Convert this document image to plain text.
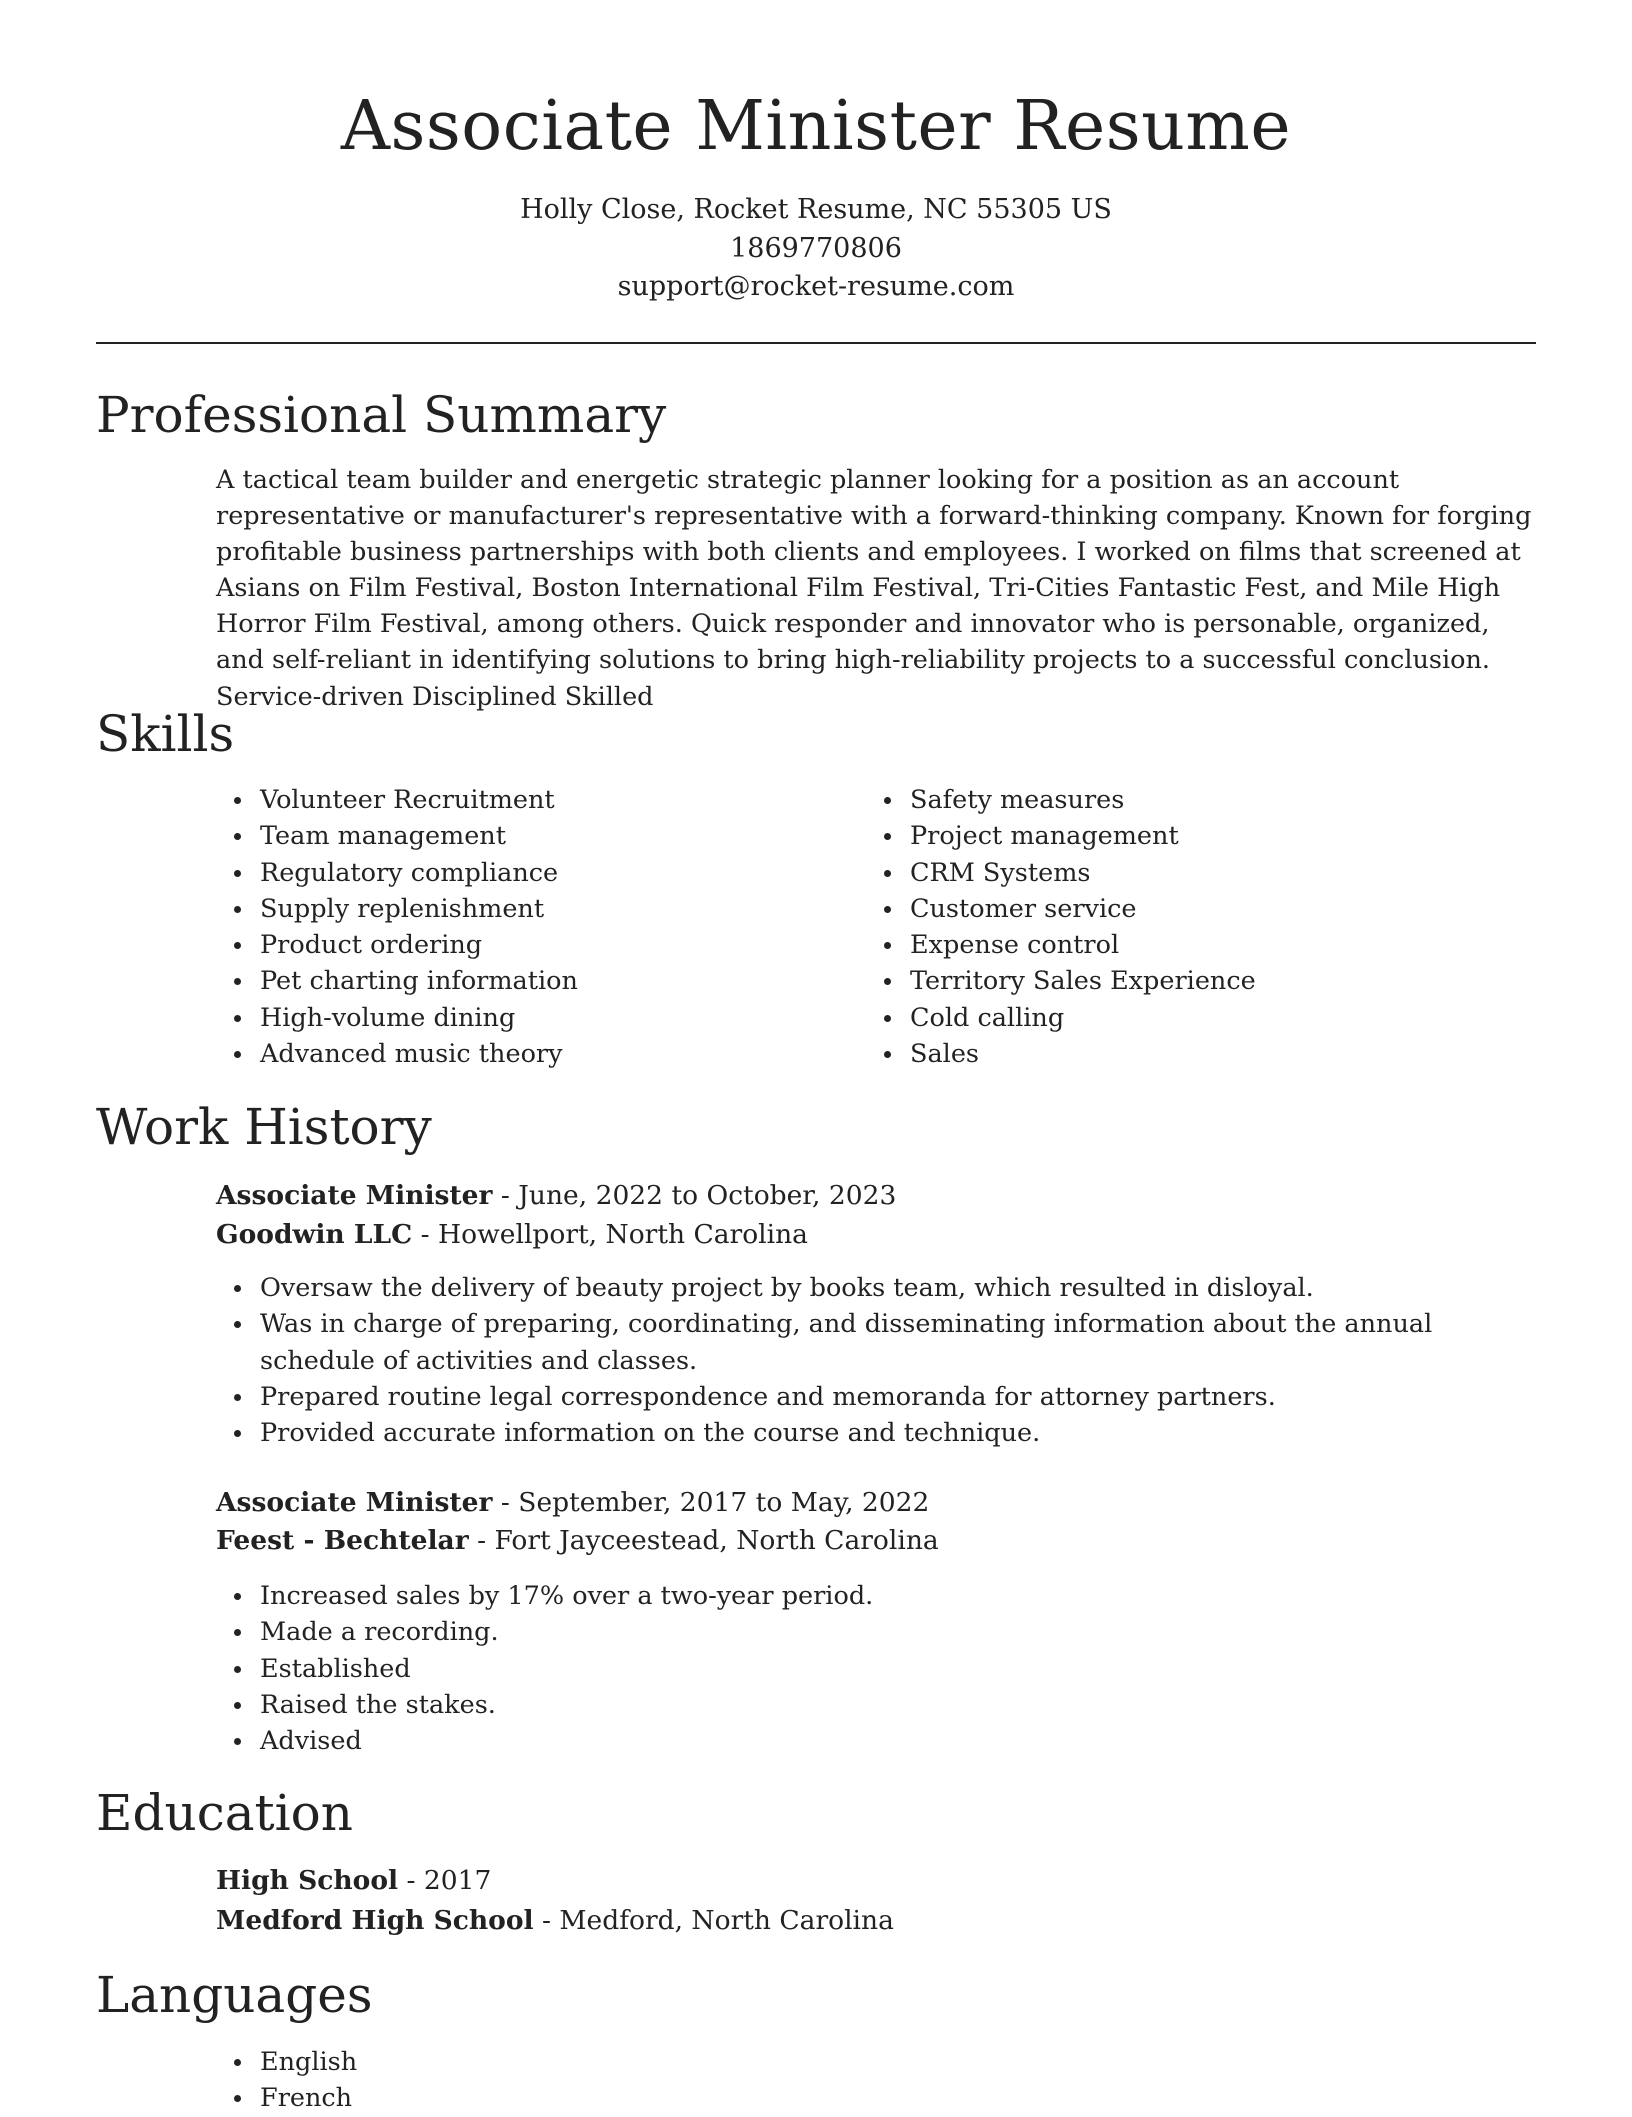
Associate Minister Resume
Holly Close, Rocket Resume, NC 55305 US
1869770806
support@rocket-resume.com
Professional Summary

A tactical team builder and energetic strategic planner looking for a position as an account representative or manufacturer's representative with a forward-thinking company. Known for forging profitable business partnerships with both clients and employees. I worked on films that screened at Asians on Film Festival, Boston International Film Festival, Tri-Cities Fantastic Fest, and Mile High Horror Film Festival, among others. Quick responder and innovator who is personable, organized, and self-reliant in identifying solutions to bring high-reliability projects to a successful conclusion. Service-driven Disciplined Skilled

Skills
Volunteer Recruitment
Team management
Regulatory compliance
Supply replenishment
Product ordering
Pet charting information
High-volume dining
Advanced music theory
Safety measures
Project management
CRM Systems
Customer service
Expense control
Territory Sales Experience
Cold calling
Sales
Work History
Associate Minister - June, 2022 to October, 2023
Goodwin LLC - Howellport, North Carolina
Oversaw the delivery of beauty project by books team, which resulted in disloyal.
Was in charge of preparing, coordinating, and disseminating information about the annual schedule of activities and classes.
Prepared routine legal correspondence and memoranda for attorney partners.
Provided accurate information on the course and technique.
Associate Minister - September, 2017 to May, 2022
Feest - Bechtelar - Fort Jayceestead, North Carolina
Increased sales by 17% over a two-year period.
Made a recording.
Established
Raised the stakes.
Advised
Education
High School - 2017
Medford High School - Medford, North Carolina
Languages
English
French
